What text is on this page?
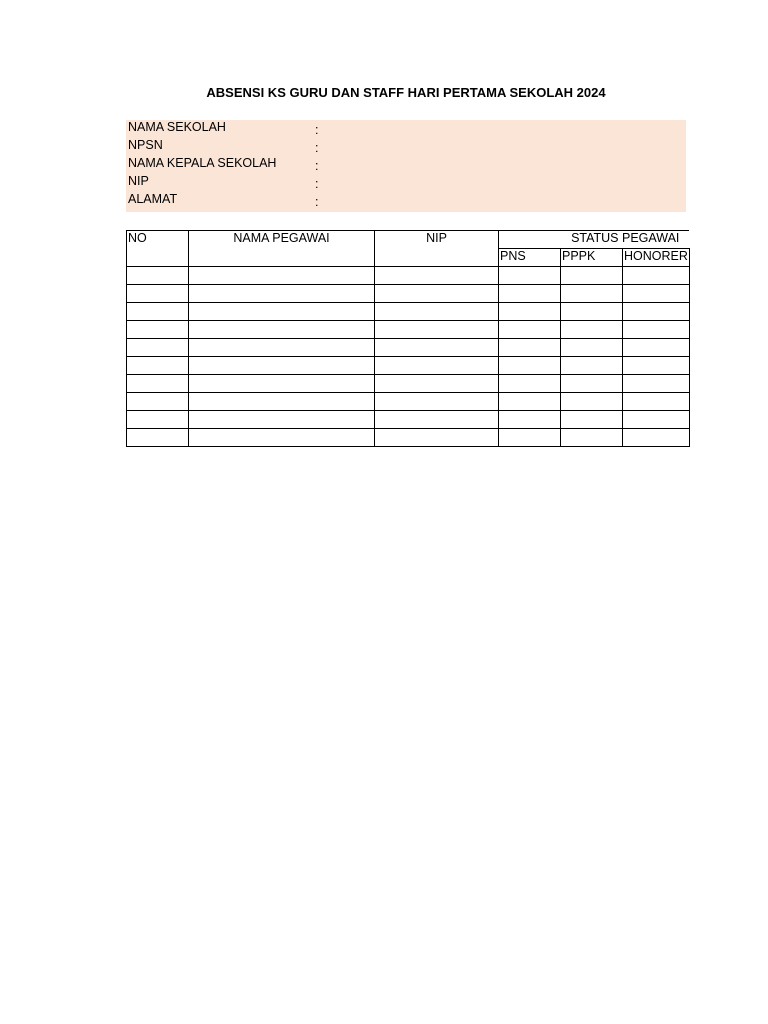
ABSENSI KS GURU DAN STAFF HARI PERTAMA SEKOLAH 2024
NAMA SEKOLAH	:
NPSN	:
NAMA KEPALA SEKOLAH	:
NIP	:
ALAMAT	:
NO	NAMA PEGAWAI	NIP	STATUS PEGAWAI		
			PNS	PPPK	HONORER
